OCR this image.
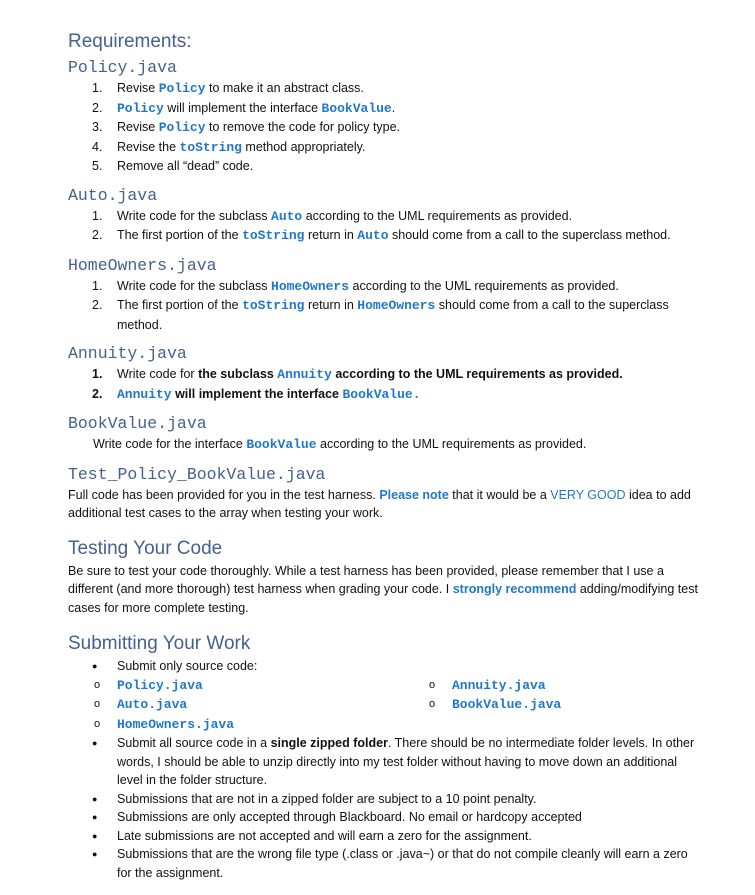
Requirements:
Policy.java
1. Revise Policy to make it an abstract class.
2. Policy will implement the interface BookValue.
3. Revise Policy to remove the code for policy type.
4. Revise the toString method appropriately.
5. Remove all “dead” code.
Auto.java
1. Write code for the subclass Auto according to the UML requirements as provided.
2. The first portion of the toString return in Auto should come from a call to the superclass method.
HomeOwners.java
1. Write code for the subclass HomeOwners according to the UML requirements as provided.
2. The first portion of the toString return in HomeOwners should come from a call to the superclass method.
Annuity.java
1. Write code for the subclass Annuity according to the UML requirements as provided.
2. Annuity will implement the interface BookValue.
BookValue.java
Write code for the interface BookValue according to the UML requirements as provided.
Test_Policy_BookValue.java
Full code has been provided for you in the test harness. Please note that it would be a VERY GOOD idea to add additional test cases to the array when testing your work.
Testing Your Code
Be sure to test your code thoroughly. While a test harness has been provided, please remember that I use a different (and more thorough) test harness when grading your code. I strongly recommend adding/modifying test cases for more complete testing.
Submitting Your Work
● Submit only source code:
o Policy.java
o Auto.java
o HomeOwners.java
o Annuity.java
o BookValue.java
● Submit all source code in a single zipped folder. There should be no intermediate folder levels. In other words, I should be able to unzip directly into my test folder without having to move down an additional level in the folder structure.
● Submissions that are not in a zipped folder are subject to a 10 point penalty.
● Submissions are only accepted through Blackboard. No email or hardcopy accepted
● Late submissions are not accepted and will earn a zero for the assignment.
● Submissions that are the wrong file type (.class or .java~) or that do not compile cleanly will earn a zero for the assignment.
